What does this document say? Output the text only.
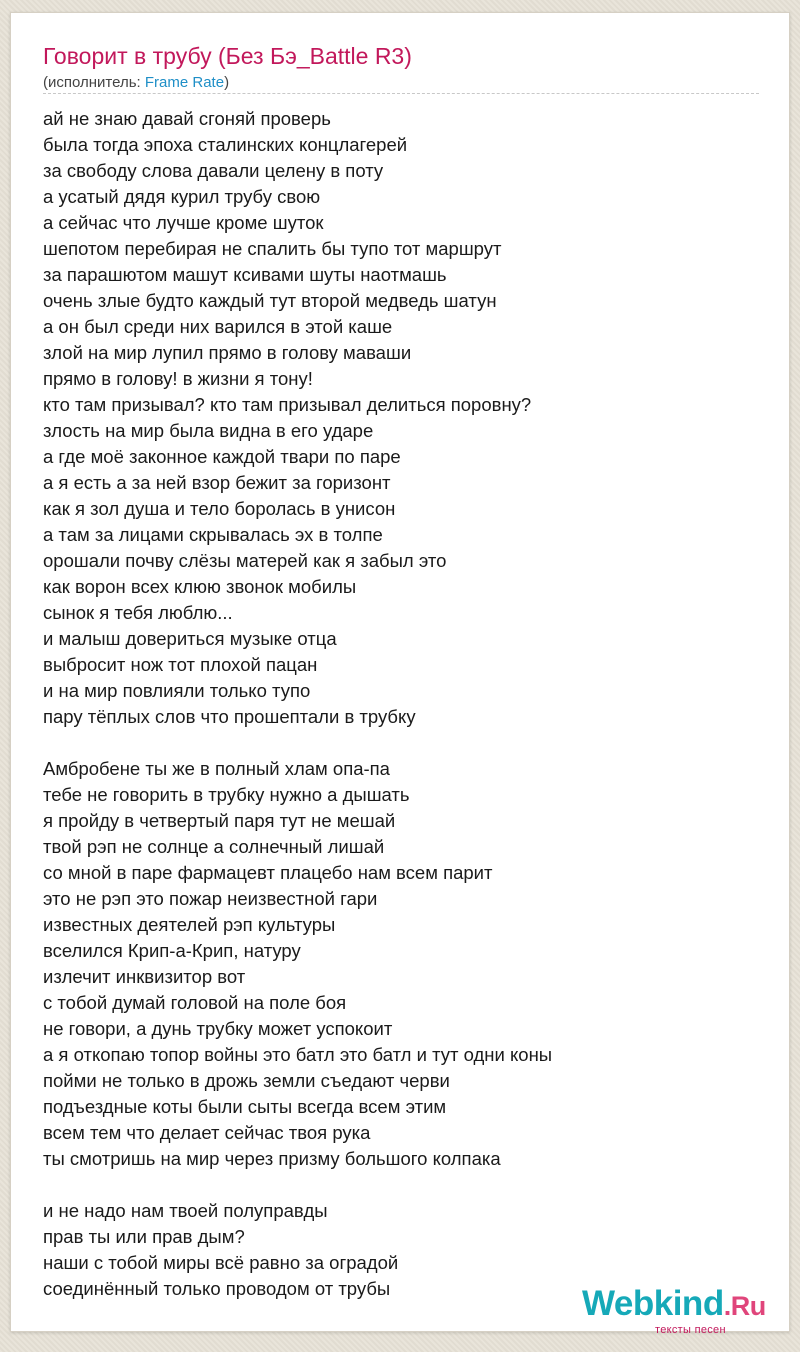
Говорит в трубу (Без Бэ_Battle R3)
(исполнитель: Frame Rate)
ай не знаю давай сгоняй проверь
была тогда эпоха сталинских концлагерей
за свободу слова давали целену в поту
а усатый дядя курил трубу свою
а сейчас что лучше кроме шуток
шепотом перебирая не спалить бы тупо тот маршрут
за парашютом машут ксивами шуты наотмашь
очень злые будто каждый тут второй медведь шатун
а он был среди них варился в этой каше
злой на мир лупил прямо в голову маваши
прямо в голову! в жизни я тону!
кто там призывал? кто там призывал делиться поровну?
злость на мир была видна в его ударе
а где моё законное каждой твари по паре
а я есть а за ней взор бежит за горизонт
как я зол душа и тело боролась в унисон
а там за лицами скрывалась эх в толпе
орошали почву слёзы матерей как я забыл это
как ворон всех клюю звонок мобилы
сынок я тебя люблю...
и малыш довериться музыке отца
выбросит нож тот плохой пацан
и на мир повлияли только тупо
пару тёплых слов что прошептали в трубку
Амбробене ты же в полный хлам опа-па
тебе не говорить в трубку нужно а дышать
я пройду в четвертый паря тут не мешай
твой рэп не солнце а солнечный лишай
со мной в паре фармацевт плацебо нам всем парит
это не рэп это пожар неизвестной гари
известных деятелей рэп культуры
вселился Крип-а-Крип, натуру
излечит инквизитор вот
с тобой думай головой на поле боя
не говори, а дунь трубку может успокоит
а я откопаю топор войны это батл это батл и тут одни коны
пойми не только в дрожь земли съедают черви
подъездные коты были сыты всегда всем этим
всем тем что делает сейчас твоя рука
ты смотришь на мир через призму большого колпака
и не надо нам твоей полуправды
прав ты или прав дым?
наши с тобой миры всё равно за оградой
соединённый только проводом от трубы	Webkind.Ru
тексты песен
